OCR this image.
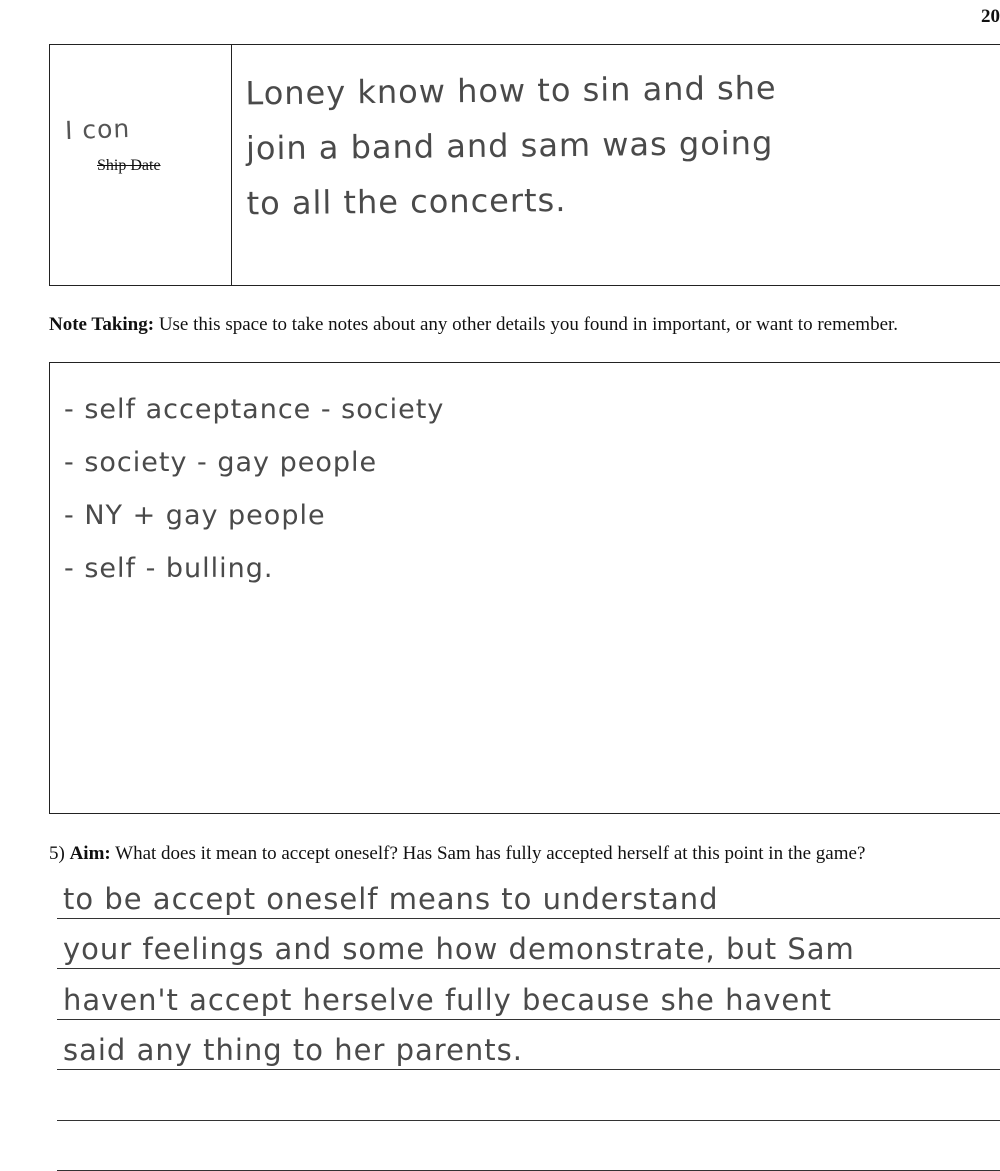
20
I con
Ship Date
Loney know how to sin and she
join a band and sam was going
to all the concerts.
Note Taking: Use this space to take notes about any other details you found in important, or want to remember.
- self acceptance - society
- society - gay people
- NY + gay people
- self - bulling.
5) Aim: What does it mean to accept oneself? Has Sam has fully accepted herself at this point in the game?
to be accept oneself means to understand
your feelings and some how demonstrate, but Sam
haven't accept herselve fully because she havent
said any thing to her parents.
